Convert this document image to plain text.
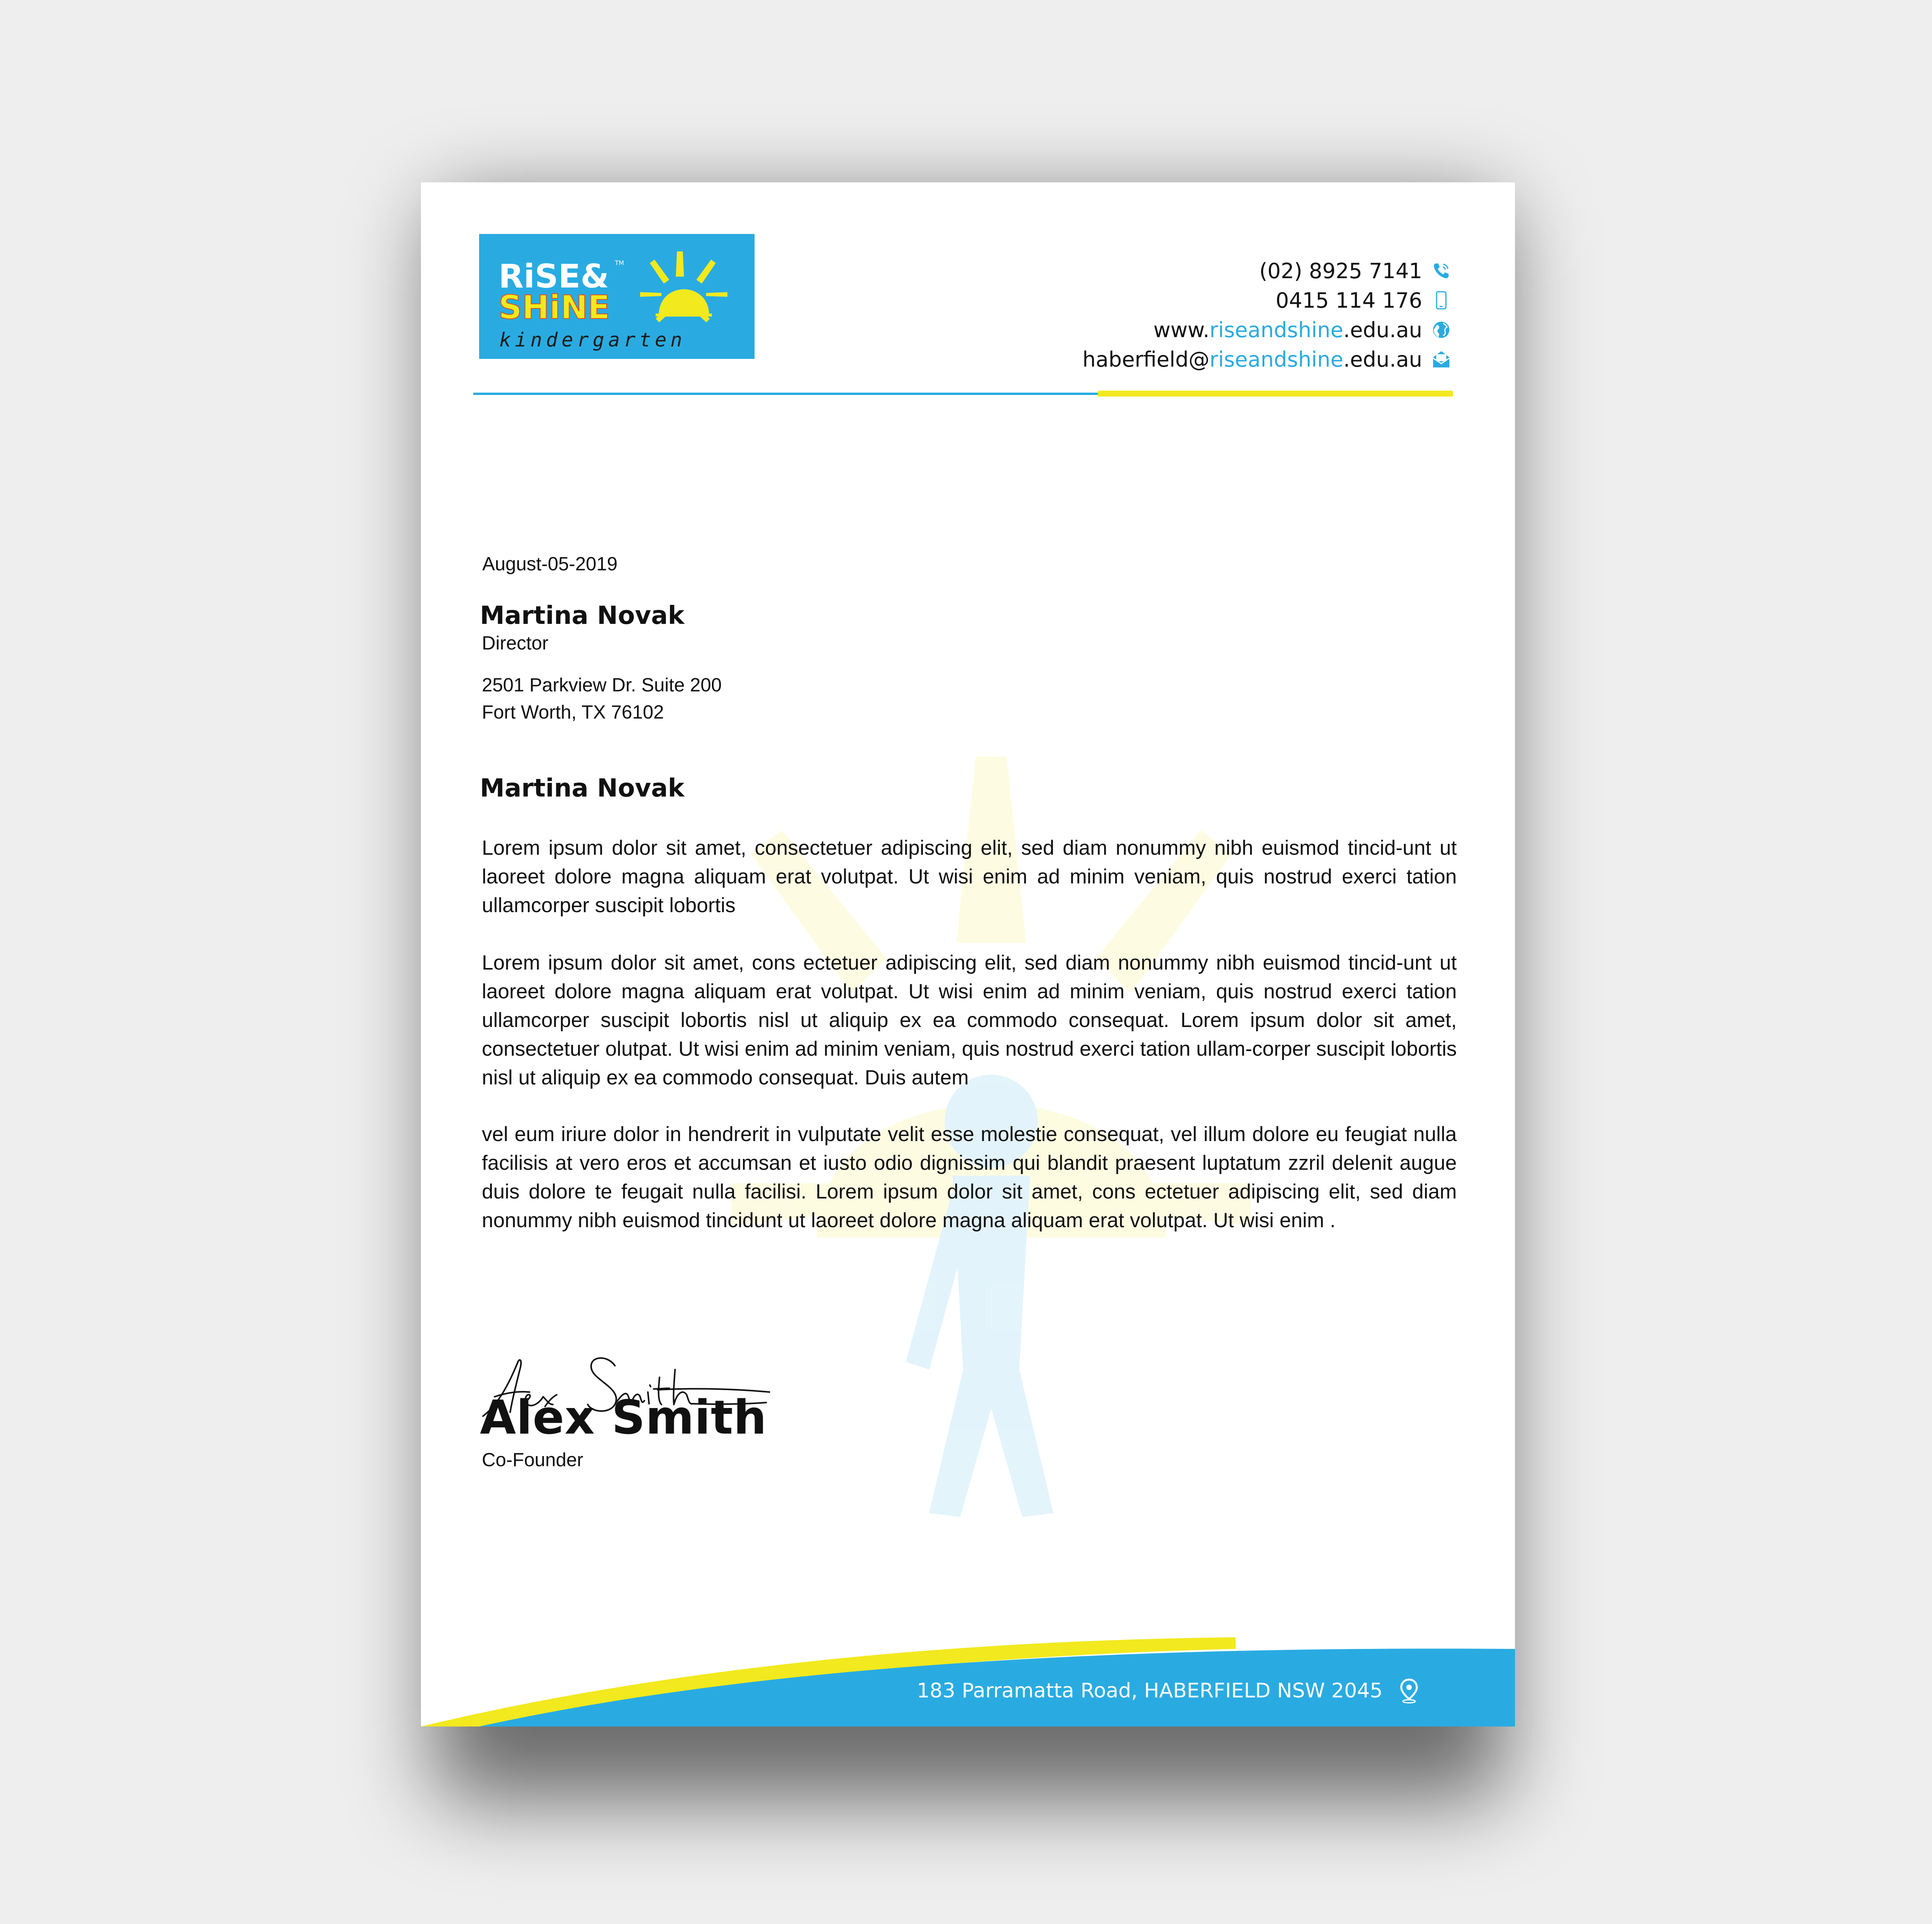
RiSE& TM
SHiNE
kindergarten
(02) 8925 7141
0415 114 176
www.riseandshine.edu.au
haberfield@riseandshine.edu.au
August-05-2019
Martina Novak
Director
2501 Parkview Dr. Suite 200
Fort Worth, TX 76102
Martina Novak

Lorem ipsum dolor sit amet, consectetuer adipiscing elit, sed diam nonummy nibh euismod tincid-unt ut laoreet dolore magna aliquam erat volutpat. Ut wisi enim ad minim veniam, quis nostrud exerci tation ullamcorper suscipit lobortis

Lorem ipsum dolor sit amet, cons ectetuer adipiscing elit, sed diam nonummy nibh euismod tincid-unt ut laoreet dolore magna aliquam erat volutpat. Ut wisi enim ad minim veniam, quis nostrud exerci tation ullamcorper suscipit lobortis nisl ut aliquip ex ea commodo consequat. Lorem ipsum dolor sit amet, consectetuer olutpat. Ut wisi enim ad minim veniam, quis nostrud exerci tation ullam-corper suscipit lobortis nisl ut aliquip ex ea commodo consequat. Duis autem

vel eum iriure dolor in hendrerit in vulputate velit esse molestie consequat, vel illum dolore eu feugiat nulla facilisis at vero eros et accumsan et iusto odio dignissim qui blandit praesent luptatum zzril delenit augue duis dolore te feugait nulla facilisi. Lorem ipsum dolor sit amet, cons ectetuer adipiscing elit, sed diam nonummy nibh euismod tincidunt ut laoreet dolore magna aliquam erat volutpat. Ut wisi enim .

Alex Smith
Co-Founder
183 Parramatta Road, HABERFIELD NSW 2045
